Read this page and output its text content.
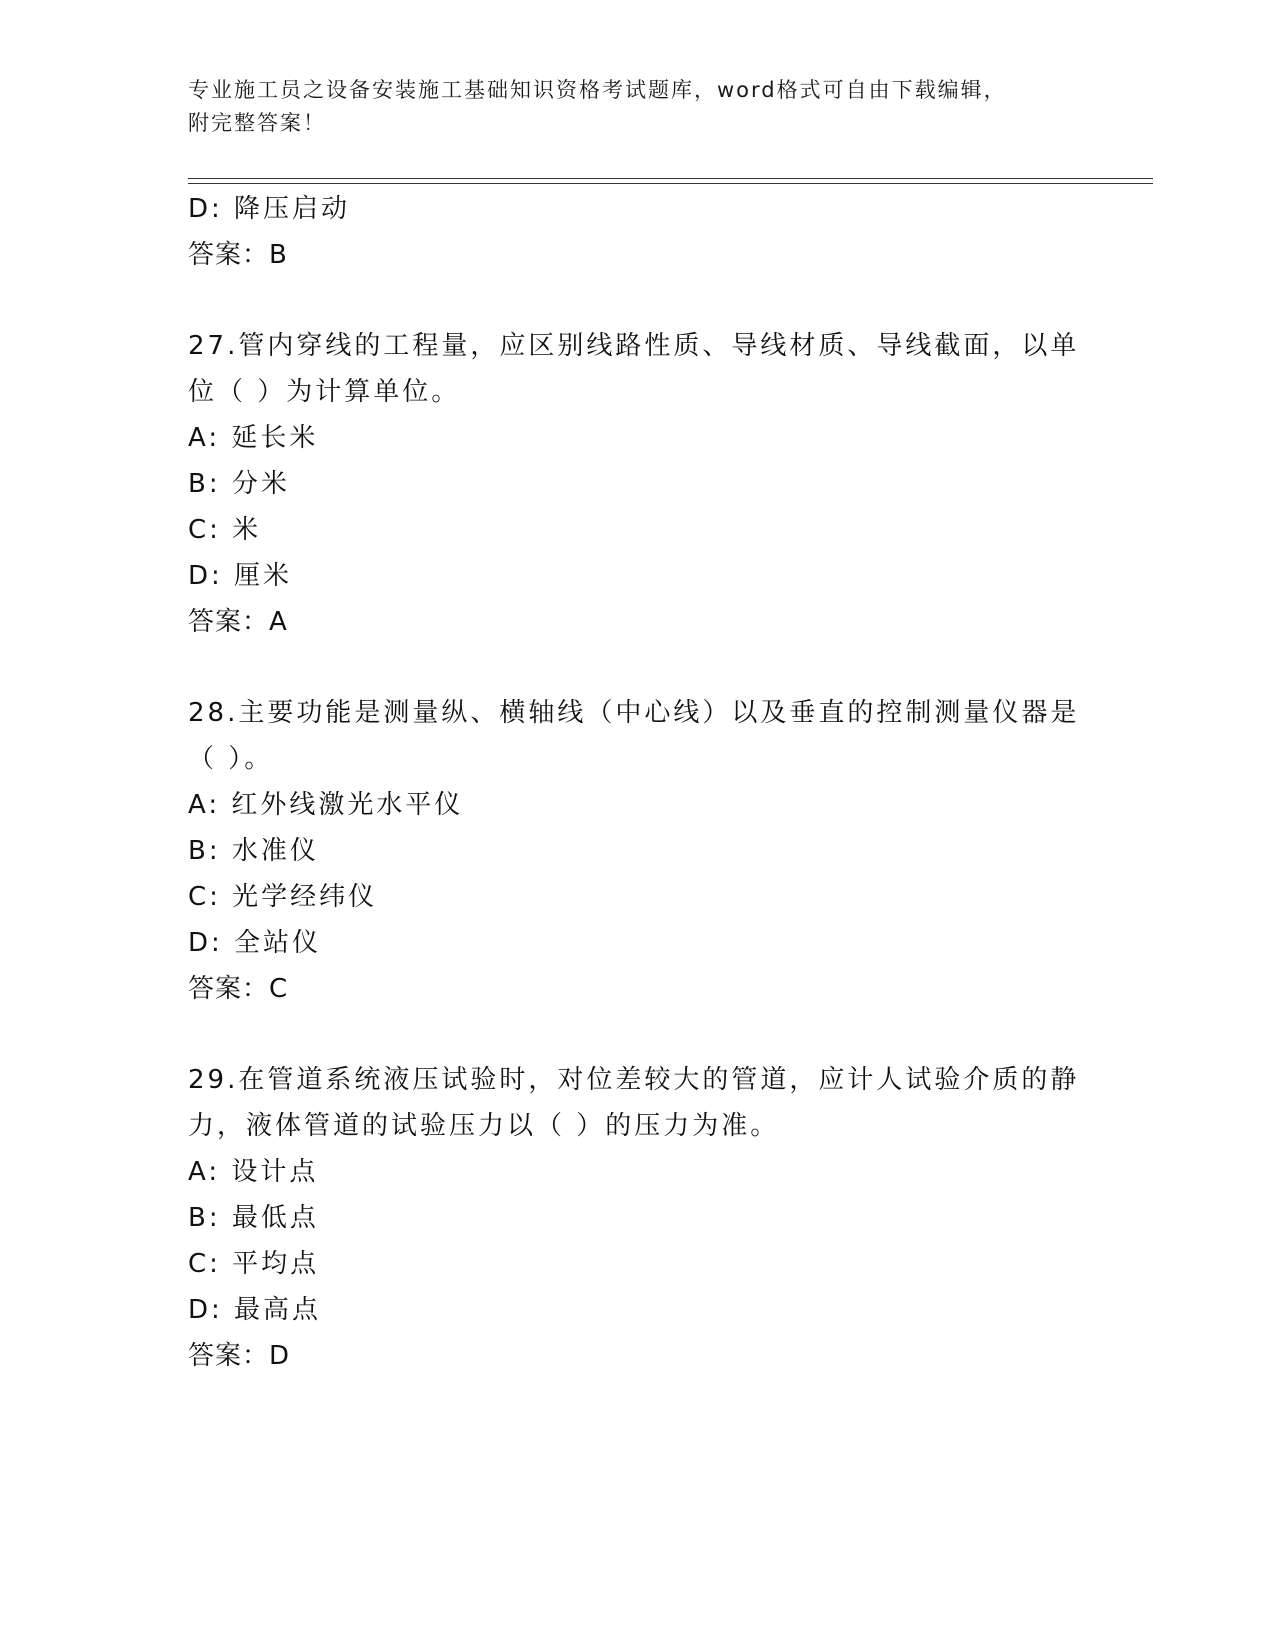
专业施工员之设备安装施工基础知识资格考试题库，word格式可自由下载编辑，
附完整答案！
D: 降压启动
答案：B
27.管内穿线的工程量，应区别线路性质、导线材质、导线截面，以单
位（ ）为计算单位。
A: 延长米
B: 分米
C: 米
D: 厘米
答案：A
28.主要功能是测量纵、横轴线（中心线）以及垂直的控制测量仪器是
（ ）。
A: 红外线激光水平仪
B: 水准仪
C: 光学经纬仪
D: 全站仪
答案：C
29.在管道系统液压试验时，对位差较大的管道，应计人试验介质的静
力，液体管道的试验压力以（ ）的压力为准。
A: 设计点
B: 最低点
C: 平均点
D: 最高点
答案：D
